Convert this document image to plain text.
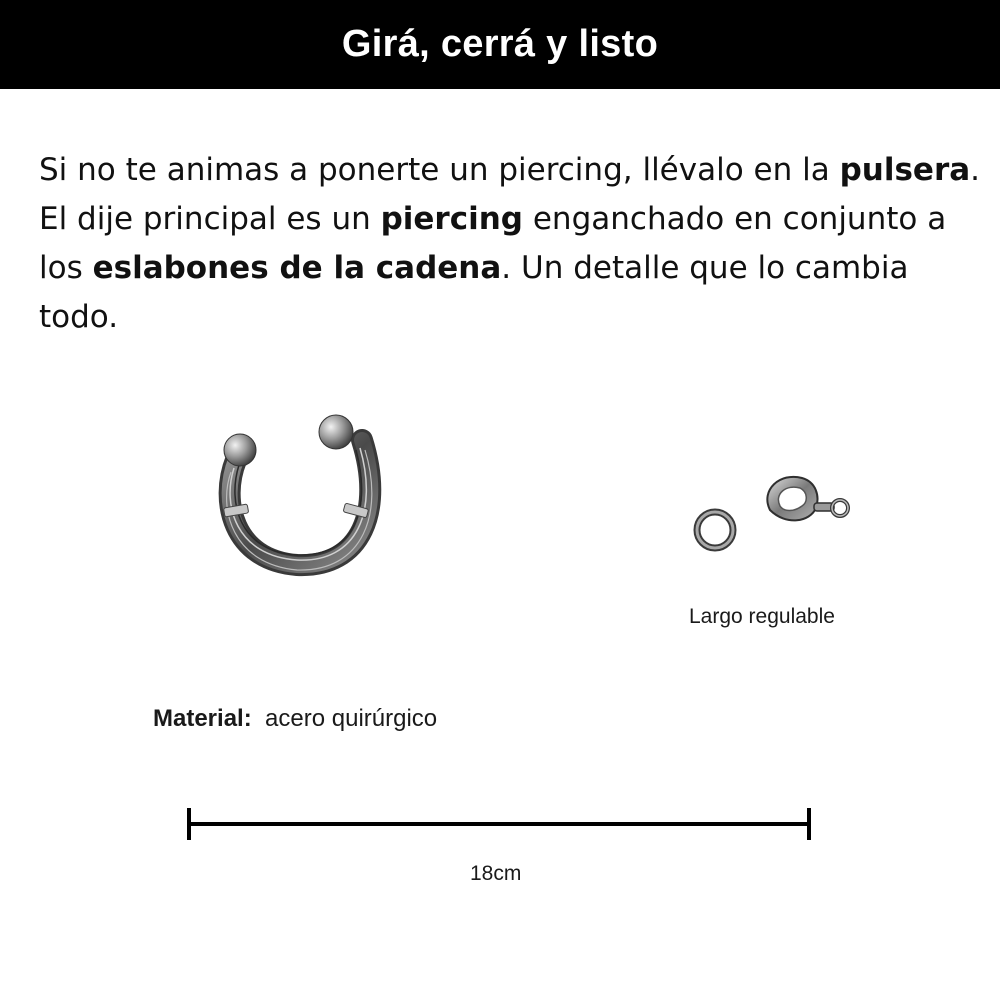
Girá, cerrá y listo

Si no te animas a ponerte un piercing, llévalo en la pulsera. El dije principal es un piercing enganchado en conjunto a los eslabones de la cadena. Un detalle que lo cambia todo.

Largo regulable
Material: acero quirúrgico
18cm
